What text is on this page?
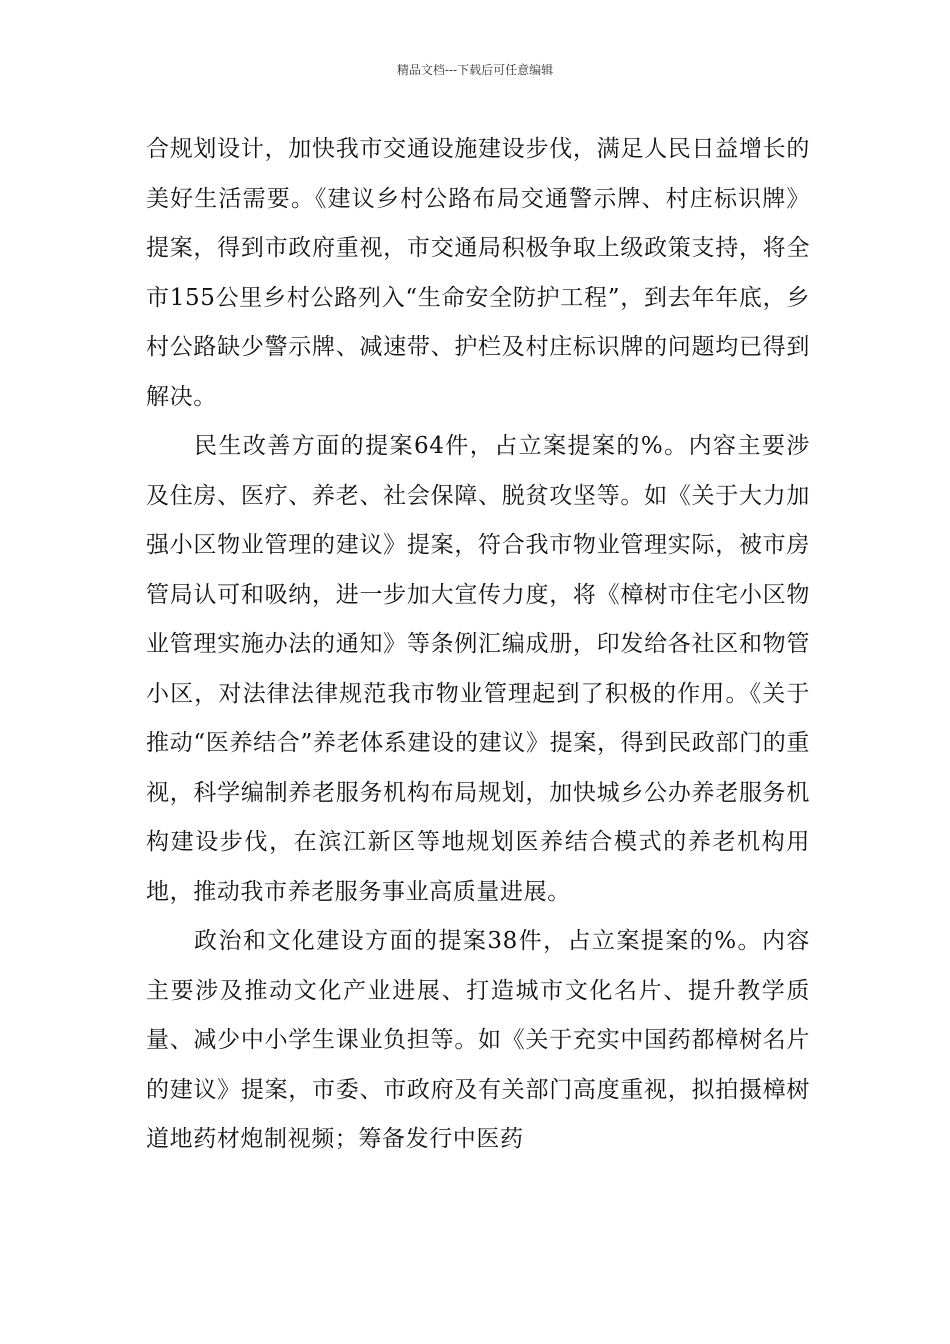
精品文档---下载后可任意编辑

合规划设计，加快我市交通设施建设步伐，满足人民日益增长的美好生活需要。《建议乡村公路布局交通警示牌、村庄标识牌》提案，得到市政府重视，市交通局积极争取上级政策支持，将全市155公里乡村公路列入“生命安全防护工程”，到去年年底，乡村公路缺少警示牌、减速带、护栏及村庄标识牌的问题均已得到解决。

民生改善方面的提案64件，占立案提案的%。内容主要涉及住房、医疗、养老、社会保障、脱贫攻坚等。如《关于大力加强小区物业管理的建议》提案，符合我市物业管理实际，被市房管局认可和吸纳，进一步加大宣传力度，将《樟树市住宅小区物业管理实施办法的通知》等条例汇编成册，印发给各社区和物管小区，对法律法律规范我市物业管理起到了积极的作用。《关于推动“医养结合”养老体系建设的建议》提案，得到民政部门的重视，科学编制养老服务机构布局规划，加快城乡公办养老服务机构建设步伐，在滨江新区等地规划医养结合模式的养老机构用地，推动我市养老服务事业高质量进展。

政治和文化建设方面的提案38件，占立案提案的%。内容主要涉及推动文化产业进展、打造城市文化名片、提升教学质量、减少中小学生课业负担等。如《关于充实中国药都樟树名片的建议》提案，市委、市政府及有关部门高度重视，拟拍摄樟树道地药材炮制视频；筹备发行中医药
